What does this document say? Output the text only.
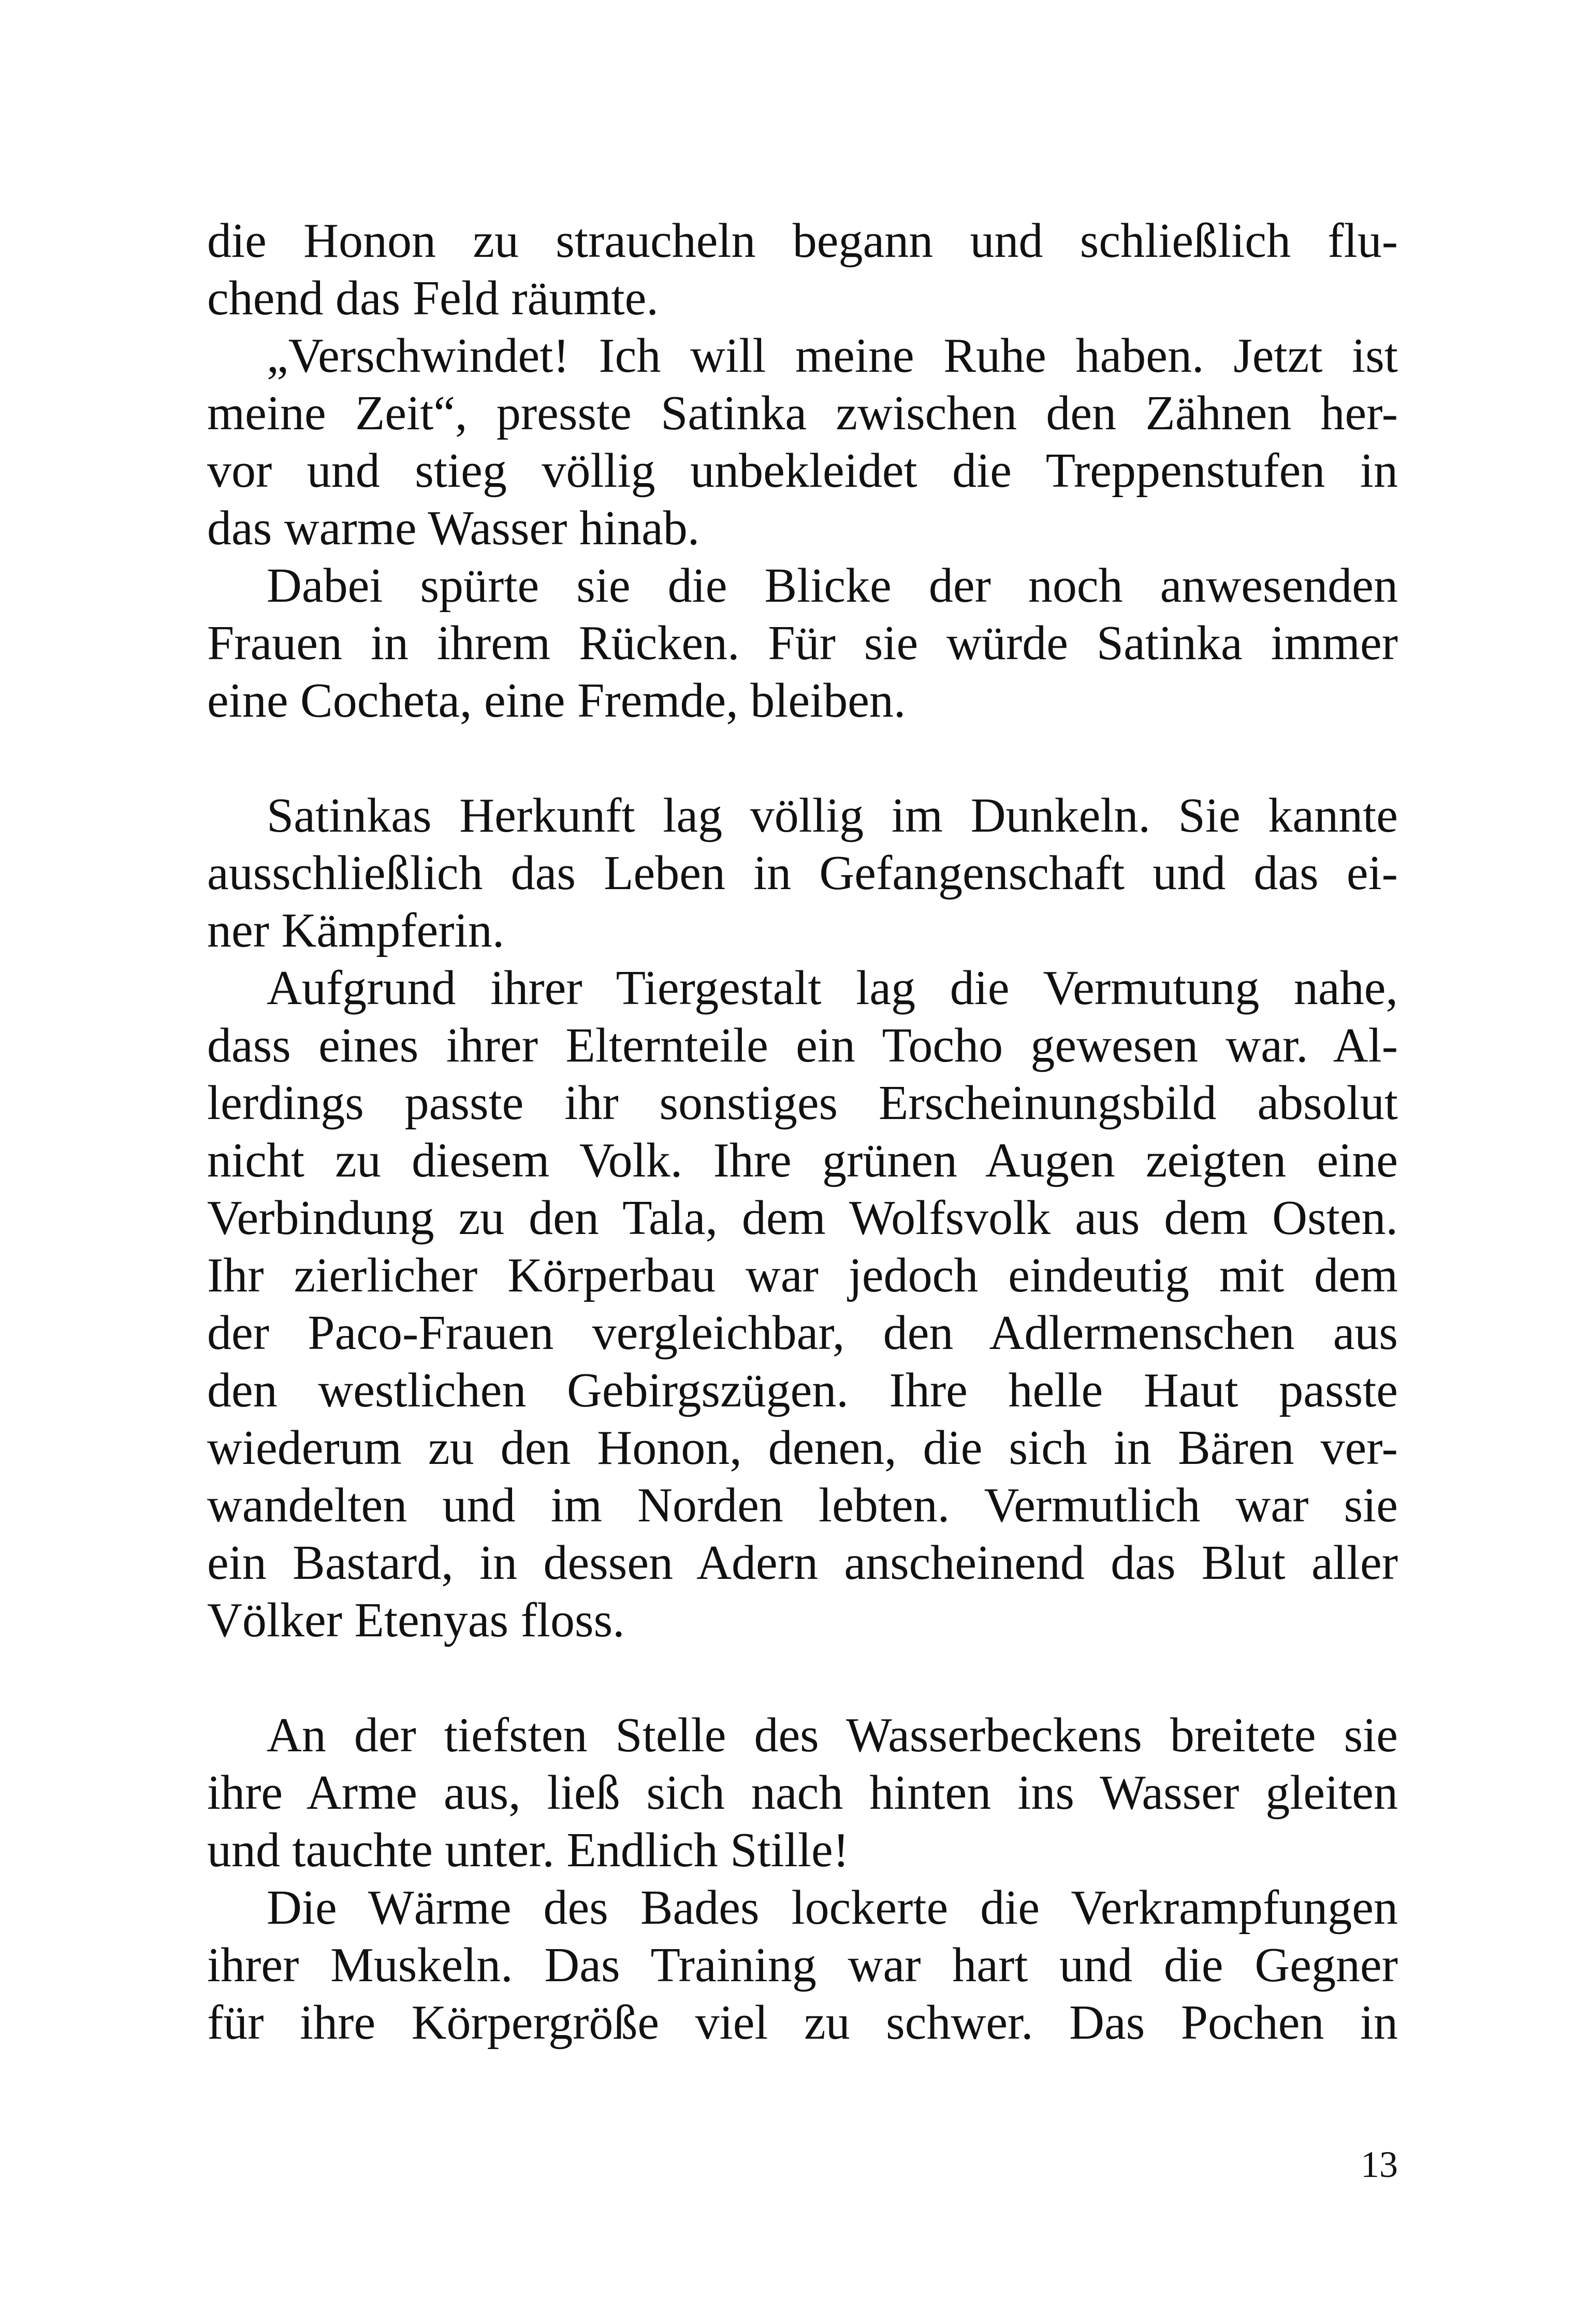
die Honon zu straucheln begann und schließlich flu-
chend das Feld räumte.
„Verschwindet! Ich will meine Ruhe haben. Jetzt ist
meine Zeit“, presste Satinka zwischen den Zähnen her-
vor und stieg völlig unbekleidet die Treppenstufen in
das warme Wasser hinab.
Dabei spürte sie die Blicke der noch anwesenden
Frauen in ihrem Rücken. Für sie würde Satinka immer
eine Cocheta, eine Fremde, bleiben.
Satinkas Herkunft lag völlig im Dunkeln. Sie kannte
ausschließlich das Leben in Gefangenschaft und das ei-
ner Kämpferin.
Aufgrund ihrer Tiergestalt lag die Vermutung nahe,
dass eines ihrer Elternteile ein Tocho gewesen war. Al-
lerdings passte ihr sonstiges Erscheinungsbild absolut
nicht zu diesem Volk. Ihre grünen Augen zeigten eine
Verbindung zu den Tala, dem Wolfsvolk aus dem Osten.
Ihr zierlicher Körperbau war jedoch eindeutig mit dem
der Paco-Frauen vergleichbar, den Adlermenschen aus
den westlichen Gebirgszügen. Ihre helle Haut passte
wiederum zu den Honon, denen, die sich in Bären ver-
wandelten und im Norden lebten. Vermutlich war sie
ein Bastard, in dessen Adern anscheinend das Blut aller
Völker Etenyas floss.
An der tiefsten Stelle des Wasserbeckens breitete sie
ihre Arme aus, ließ sich nach hinten ins Wasser gleiten
und tauchte unter. Endlich Stille!
Die Wärme des Bades lockerte die Verkrampfungen
ihrer Muskeln. Das Training war hart und die Gegner
für ihre Körpergröße viel zu schwer. Das Pochen in
13
